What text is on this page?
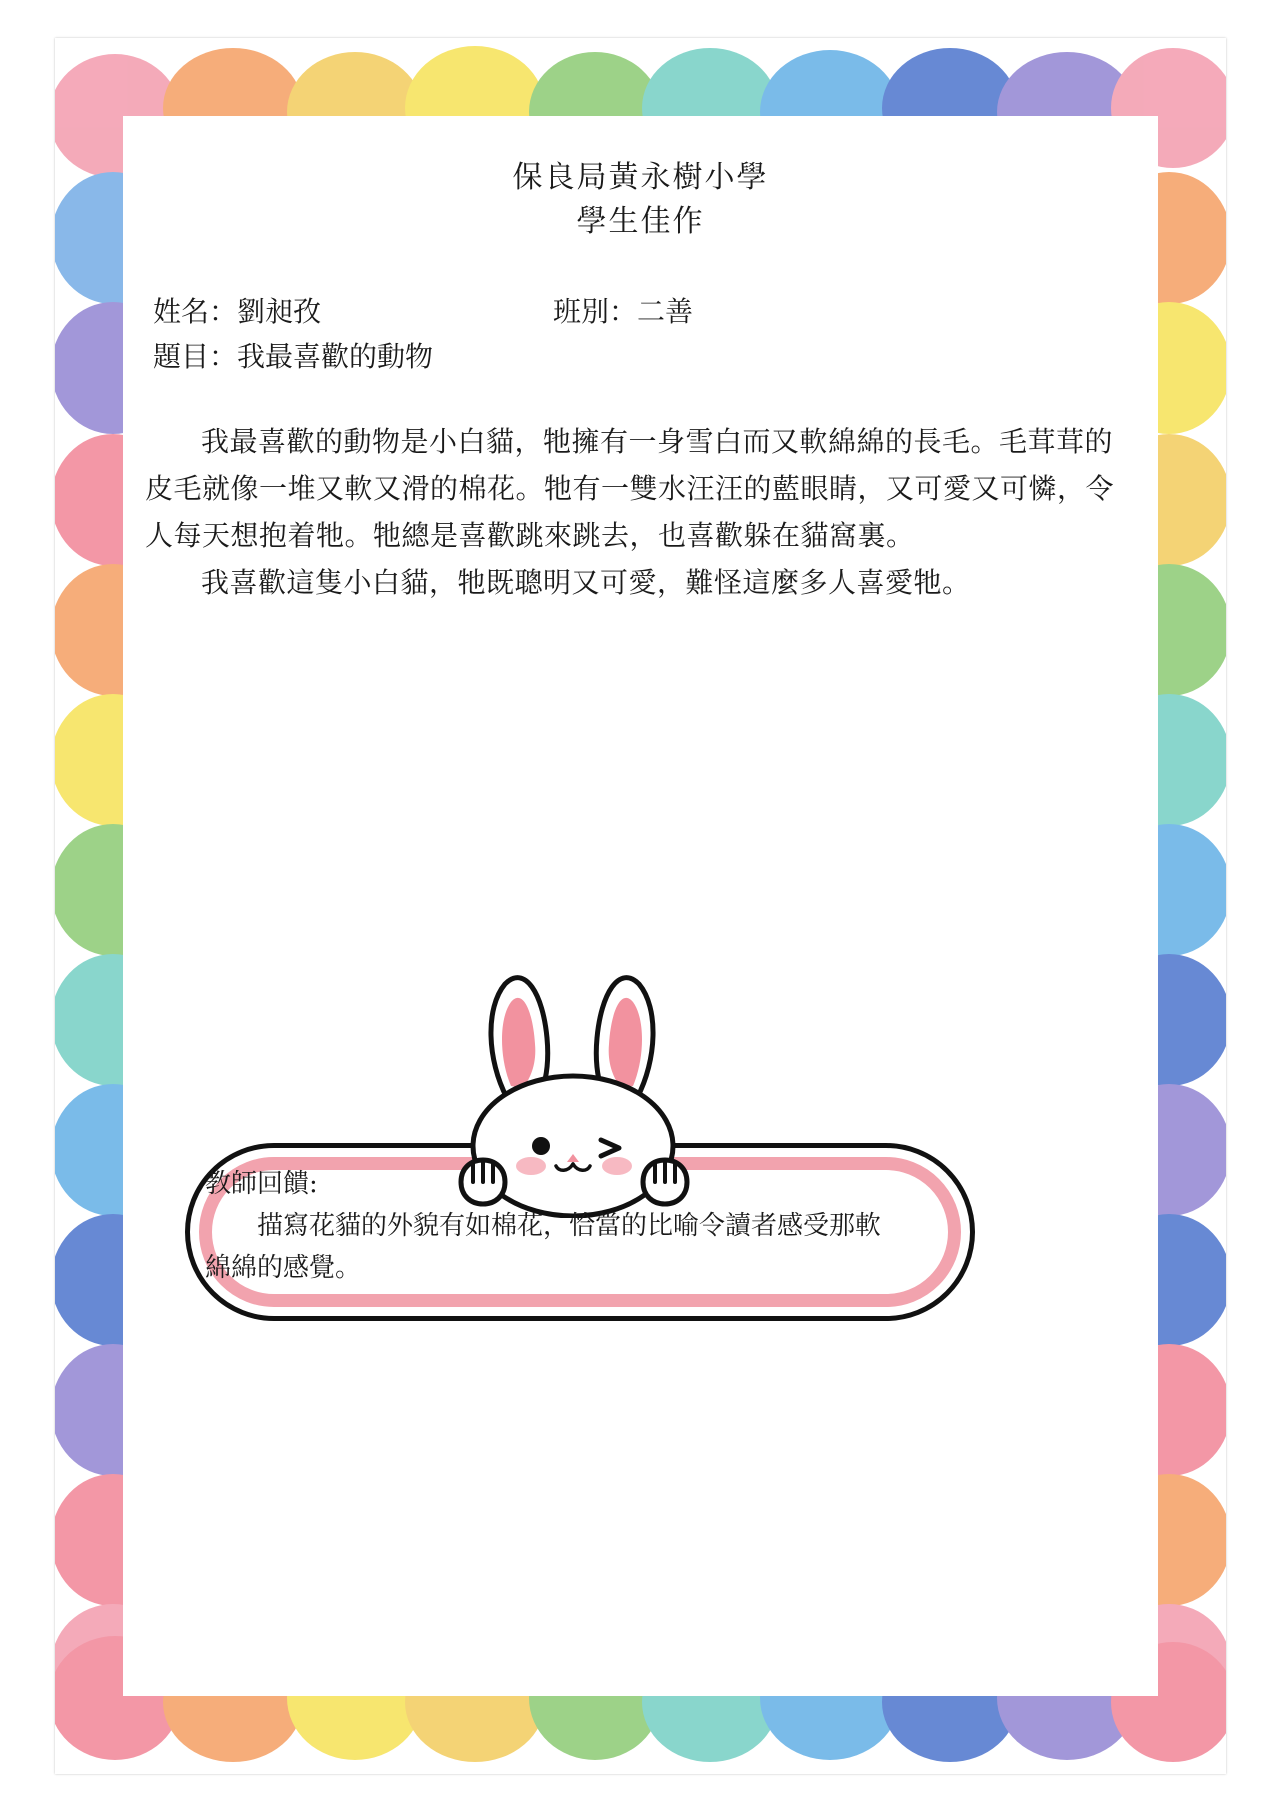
保良局黃永樹小學
學生佳作
姓名：劉昶孜	班別：二善
題目：我最喜歡的動物

我最喜歡的動物是小白貓，牠擁有一身雪白而又軟綿綿的長毛。毛茸茸的皮毛就像一堆又軟又滑的棉花。牠有一雙水汪汪的藍眼睛，又可愛又可憐，令人每天想抱着牠。牠總是喜歡跳來跳去，也喜歡躲在貓窩裏。

我喜歡這隻小白貓，牠既聰明又可愛，難怪這麼多人喜愛牠。

教師回饋:

描寫花貓的外貌有如棉花，恰當的比喻令讀者感受那軟綿綿的感覺。
